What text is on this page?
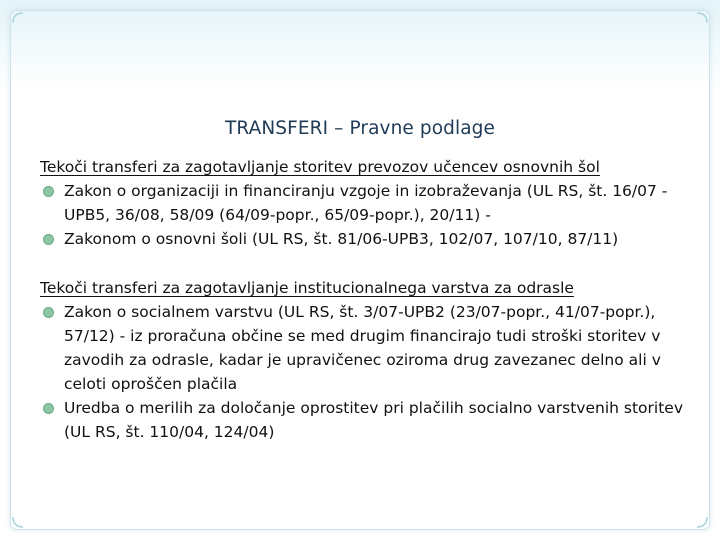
TRANSFERI – Pravne podlage
Tekoči transferi za zagotavljanje storitev prevozov učencev osnovnih šol
Zakon o organizaciji in financiranju vzgoje in izobraževanja (UL RS, št. 16/07 -UPB5, 36/08, 58/09 (64/09-popr., 65/09-popr.), 20/11) -
Zakonom o osnovni šoli (UL RS, št. 81/06-UPB3, 102/07, 107/10, 87/11)
Tekoči transferi za zagotavljanje institucionalnega varstva za odrasle
Zakon o socialnem varstvu (UL RS, št. 3/07-UPB2 (23/07-popr., 41/07-popr.), 57/12) - iz proračuna občine se med drugim financirajo tudi stroški storitev v zavodih za odrasle, kadar je upravičenec oziroma drug zavezanec delno ali v celoti oproščen plačila
Uredba o merilih za določanje oprostitev pri plačilih socialno varstvenih storitev (UL RS, št. 110/04, 124/04)
